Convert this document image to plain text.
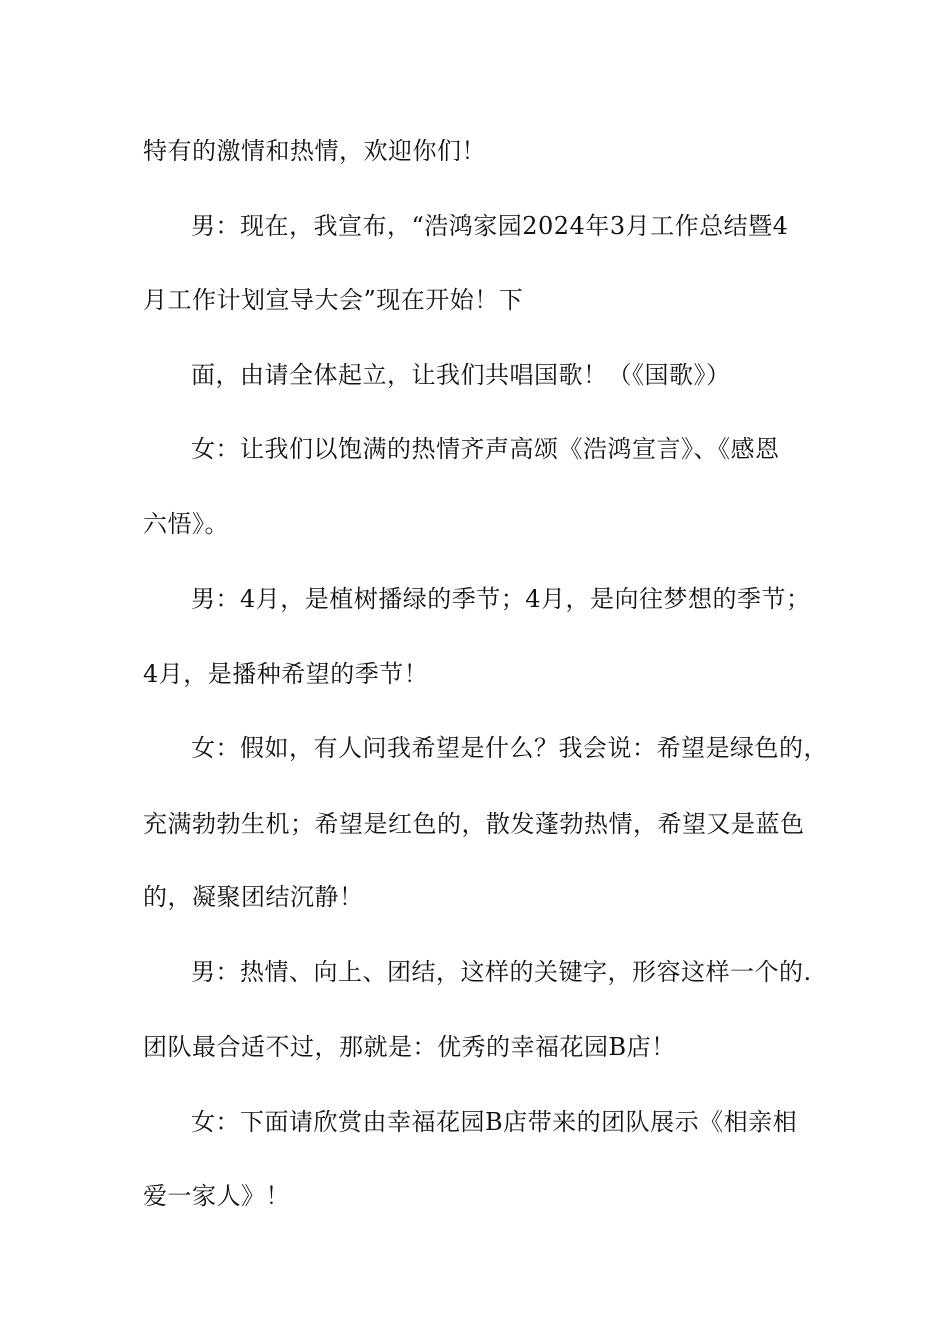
特有的激情和热情，欢迎你们！
男：现在，我宣布，“浩鸿家园2024年3月工作总结暨4
月工作计划宣导大会”现在开始！下
面，由请全体起立，让我们共唱国歌！（《国歌》）
女：让我们以饱满的热情齐声高颂《浩鸿宣言》、《感恩
六悟》。
男：4月，是植树播绿的季节；4月，是向往梦想的季节；
4月，是播种希望的季节！
女：假如，有人问我希望是什么？我会说：希望是绿色的，
充满勃勃生机；希望是红色的，散发蓬勃热情，希望又是蓝色
的，凝聚团结沉静！
男：热情、向上、团结，这样的关键字，形容这样一个的.
团队最合适不过，那就是：优秀的幸福花园B店！
女：下面请欣赏由幸福花园B店带来的团队展示《相亲相
爱一家人》！
